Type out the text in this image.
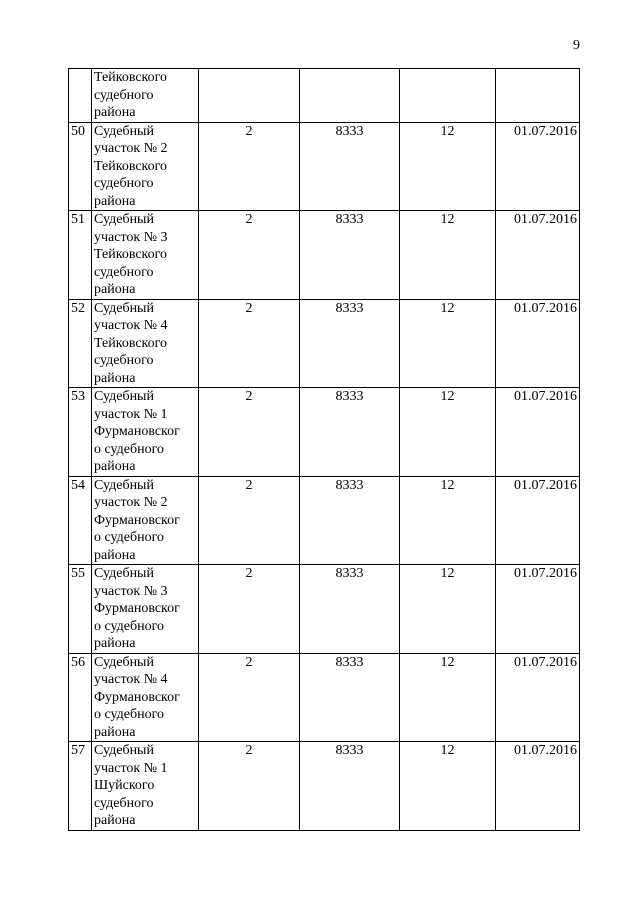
9

	Тейковского
судебного
района				

50	Судебный
участок № 2
Тейковского
судебного
района	2	8333	12	01.07.2016
51	Судебный
участок № 3
Тейковского
судебного
района	2	8333	12	01.07.2016
52	Судебный
участок № 4
Тейковского
судебного
района	2	8333	12	01.07.2016
53	Судебный
участок № 1
Фурмановског
о судебного
района	2	8333	12	01.07.2016
54	Судебный
участок № 2
Фурмановског
о судебного
района	2	8333	12	01.07.2016
55	Судебный
участок № 3
Фурмановског
о судебного
района	2	8333	12	01.07.2016
56	Судебный
участок № 4
Фурмановског
о судебного
района	2	8333	12	01.07.2016
57	Судебный
участок № 1
Шуйского
судебного
района	2	8333	12	01.07.2016
